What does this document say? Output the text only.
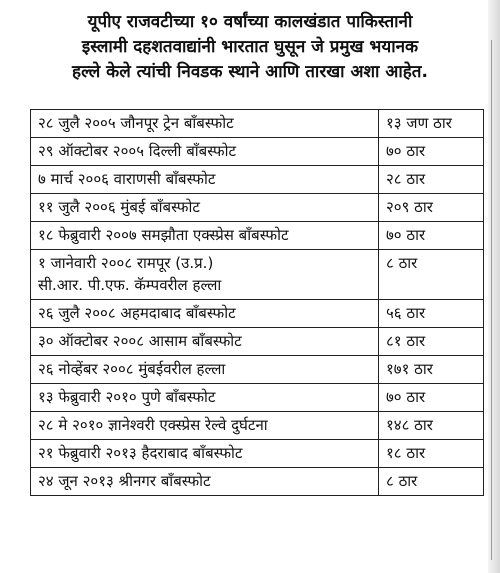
यूपीए राजवटीच्या १० वर्षांच्या कालखंडात पाकिस्तानी
इस्लामी दहशतवाद्यांनी भारतात घुसून जे प्रमुख भयानक
हल्ले केले त्यांची निवडक स्थाने आणि तारखा अशा आहेत.
२८ जुलै २००५ जौनपूर ट्रेन बाँबस्फोट	१३ जण ठार
२९ ऑक्टोबर २००५ दिल्ली बाँबस्फोट	७० ठार
७ मार्च २००६ वाराणसी बाँबस्फोट	२८ ठार
११ जुलै २००६ मुंबई बाँबस्फोट	२०९ ठार
१८ फेब्रुवारी २००७ समझौता एक्स्प्रेस बाँबस्फोट	७० ठार

१ जानेवारी २००८ रामपूर (उ.प्र.)
सी.आर. पी.एफ. कॅम्पवरील हल्ला	८ ठार
२६ जुलै २००८ अहमदाबाद बाँबस्फोट	५६ ठार
३० ऑक्टोबर २००८ आसाम बाँबस्फोट	८१ ठार
२६ नोव्हेंबर २००८ मुंबईवरील हल्ला	१७१ ठार
१३ फेब्रुवारी २०१० पुणे बाँबस्फोट	७० ठार
२८ मे २०१० ज्ञानेश्वरी एक्स्प्रेस रेल्वे दुर्घटना	१४८ ठार
२१ फेब्रुवारी २०१३ हैदराबाद बाँबस्फोट	१८ ठार
२४ जून २०१३ श्रीनगर बाँबस्फोट	८ ठार
